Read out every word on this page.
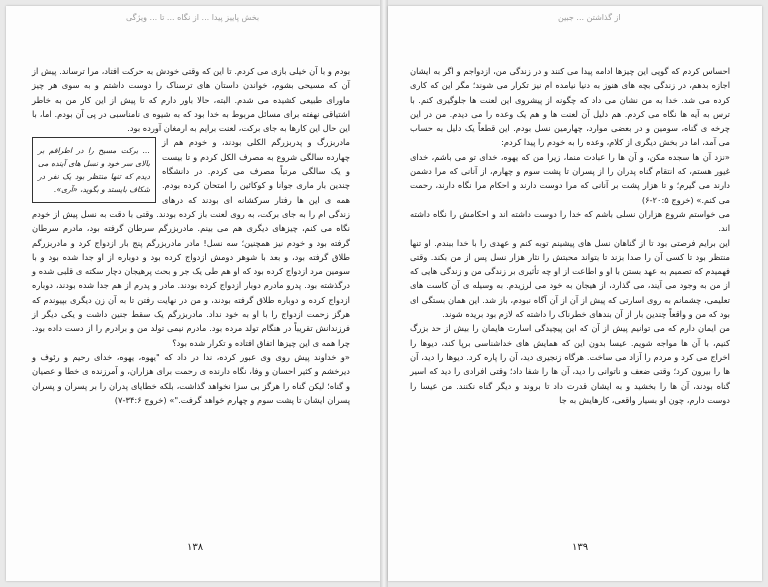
بخش پاییز پیدا ... از نگاه ... تا ... ویژگی

بودم و با آن خیلی بازی می کردم. تا این که وقتی خودش به حرکت افتاد، مرا ترساند. پیش از آن که مسیحی بشوم، خواندن داستان های ترسناک را دوست داشتم و به سوی هر چیز ماورای طبیعی کشیده می شدم. البته، حالا باور دارم که تا پیش از این کار من به خاطر اشتیاقی نهفته برای مسائل مربوط به خدا بود که به شیوه ی نامناسبی در پی آن بودم. اما، با این حال این کارها به جای برکت، لعنت برایم به ارمغان آورده بود.

... برکت مسیح را در اطرافم بر بالای سر خود و نسل های آینده می دیدم که تنها منتظر بود یک نفر در شکاف بایستد و بگوید، «آری».

مادربزرگ و پدربزرگم الکلی بودند، و خودم هم از چهارده سالگی شروع به مصرف الکل کردم و تا بیست و یک سالگی مرتباً مصرف می کردم. در دانشگاه چندین بار ماری جوانا و کوکائین را امتحان کرده بودم. همه ی این ها رفتار سرکشانه ای بودند که درهای زندگی ام را به جای برکت، به روی لعنت باز کرده بودند. وقتی با دقت به نسل پیش از خودم نگاه می کنم، چیزهای دیگری هم می بینم. مادربزرگم سرطان گرفته بود، مادرم سرطان گرفته بود و خودم نیز همچنین؛ سه نسل! مادر مادربزرگم پنج بار ازدواج کرد و مادربزرگم طلاق گرفته بود، و بعد با شوهر دومش ازدواج کرده بود و دوباره از او جدا شده بود و با سومین مرد ازدواج کرده بود که او هم طی یک جر و بحث پرهیجان دچار سکته ی قلبی شده و درگذشته بود. پدرو مادرم دوبار ازدواج کرده بودند. مادر و پدرم از هم جدا شده بودند، دوباره ازدواج کرده و دوباره طلاق گرفته بودند، و من در نهایت رفتن تا به آن زن دیگری بپیوندم که هرگز زحمت ازدواج را با او به خود نداد. مادربزرگم یک سقط جنین داشت و یکی دیگر از فرزندانش تقریباً در هنگام تولد مرده بود. مادرم نیمی تولد من و برادرم را از دست داده بود. چرا همه ی این چیزها اتفاق افتاده و تکرار شده بود؟

«و خداوند پیش روی وی عبور کرده، ندا در داد که "یهوه، یهوه، خدای رحیم و رئوف و دیرخشم و کثیر احسان و وفا، نگاه دارنده ی رحمت برای هزاران، و آمرزنده ی خطا و عصیان و گناه؛ لیکن گناه را هرگز بی سزا نخواهد گذاشت، بلکه خطایای پدران را بر پسران و پسران پسران ایشان تا پشت سوم و چهارم خواهد گرفت."» (خروج ۳۴:۶-۷)

۱۳۸
از گذاشتن ... جبین

احساس کردم که گویی این چیزها ادامه پیدا می کنند و در زندگی من، ازدواجم و اگر به ایشان اجازه بدهم، در زندگی بچه های هنوز به دنیا نیامده ام نیز تکرار می شوند؛ مگر این که کاری کرده می شد. خدا به من نشان می داد که چگونه از پیشروی این لعنت ها جلوگیری کنم. با ترس به آیه ها نگاه می کردم. هم دلیل آن لعنت ها و هم یک وعده را می دیدم. من در این چرخه ی گناه، سومین و در بعضی موارد، چهارمین نسل بودم. این قطعاً یک دلیل به حساب می آمد، اما در بخش دیگری از کلام، وعده را به خودم را پیدا کردم:

«نزد آن ها سجده مکن، و آن ها را عبادت منما، زیرا من که یهوه، خدای تو می باشم، خدای غیور هستم، که انتقام گناه پدران را از پسران تا پشت سوم و چهارم، از آنانی که مرا دشمن دارند می گیرم؛ و تا هزار پشت بر آنانی که مرا دوست دارند و احکام مرا نگاه دارند، رحمت می کنم.» (خروج ۲۰:۵-۶)

می خواستم شروع هزاران نسلی باشم که خدا را دوست داشته اند و احکامش را نگاه داشته اند.

این برایم فرصتی بود تا از گناهان نسل های پیشینم توبه کنم و عهدی را با خدا ببندم. او تنها منتظر بود تا کسی آن را صدا بزند تا بتواند محبتش را نثار هزار نسل پس از من بکند. وقتی فهمیدم که تصمیم به عهد بستن با او و اطاعت از او چه تأثیری بر زندگی من و زندگی هایی که از من به وجود می آیند، می گذارد، از هیجان به خود می لرزیدم. به وسیله ی آن کاست های تعلیمی، چشمانم به روی اسارتی که پیش از آن از آن آگاه نبودم، باز شد. این همان بستگی ای بود که من و واقعاً چندین بار از آن بندهای خطرناک را داشته که لازم بود بریده شوند.

من ایمان دارم که می توانیم پیش از آن که این پیچیدگی اسارت هایمان را بیش از حد بزرگ کنیم، با آن ها مواجه شویم. عیسا بدون این که همایش های خداشناسی برپا کند، دیوها را اخراج می کرد و مردم را آزاد می ساخت. هرگاه زنجیری دید، آن را پاره کرد. دیوها را دید، آن ها را بیرون کرد؛ وقتی ضعف و ناتوانی را دید، آن ها را شفا داد؛ وقتی افرادی را دید که اسیر گناه بودند، آن ها را بخشید و به ایشان قدرت داد تا بروند و دیگر گناه نکنند. من عیسا را دوست دارم، چون او بسیار واقعی، کارهایش به جا

۱۳۹
